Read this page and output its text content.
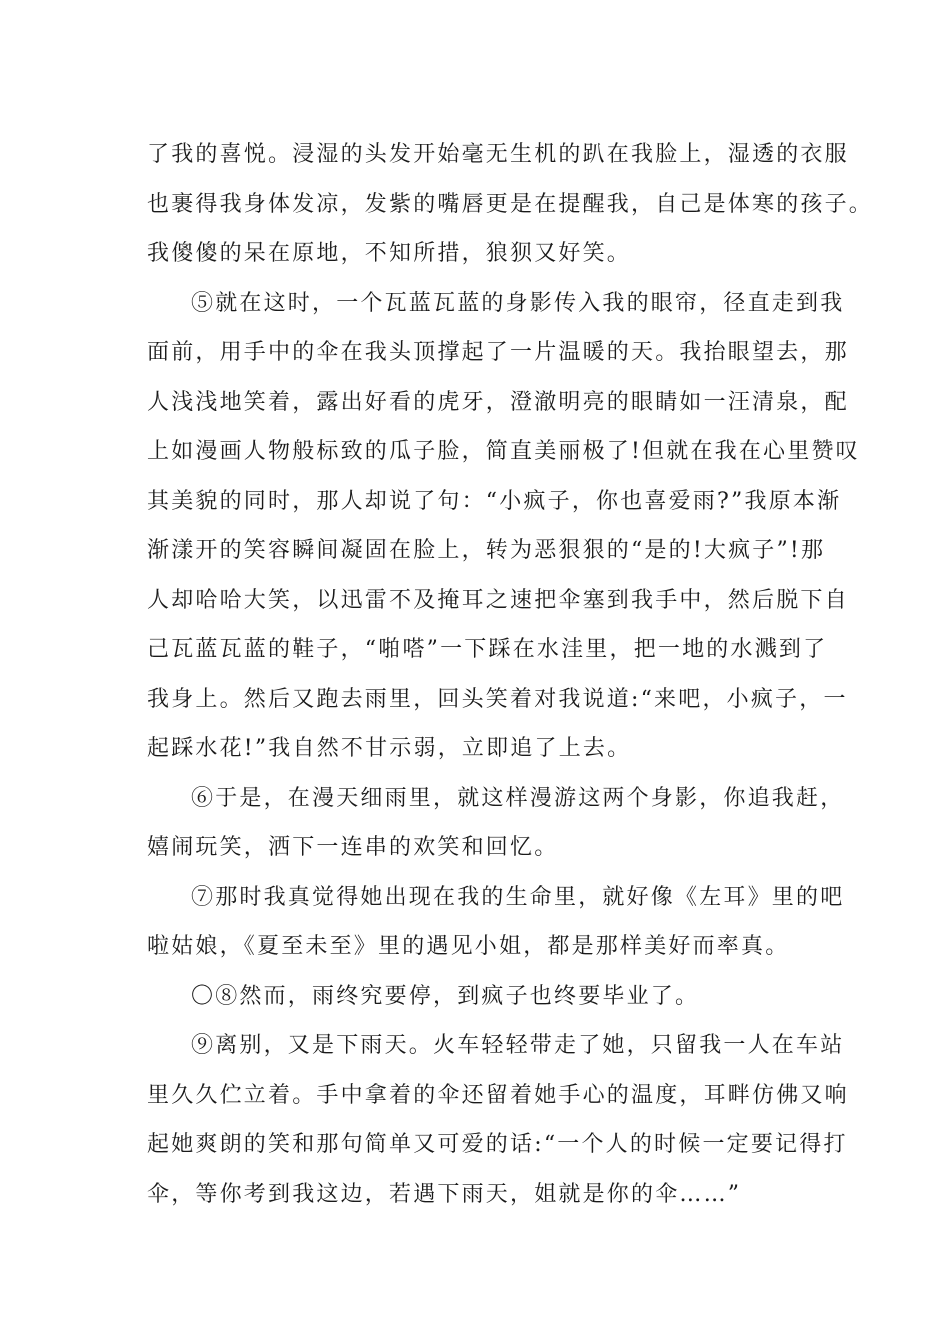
了我的喜悦。浸湿的头发开始毫无生机的趴在我脸上，湿透的衣服
也裹得我身体发凉，发紫的嘴唇更是在提醒我，自己是体寒的孩子。
我傻傻的呆在原地，不知所措，狼狈又好笑。
⑤就在这时，一个瓦蓝瓦蓝的身影传入我的眼帘，径直走到我
面前，用手中的伞在我头顶撑起了一片温暖的天。我抬眼望去，那
人浅浅地笑着，露出好看的虎牙，澄澈明亮的眼睛如一汪清泉，配
上如漫画人物般标致的瓜子脸，简直美丽极了!但就在我在心里赞叹
其美貌的同时，那人却说了句：“小疯子，你也喜爱雨?”我原本渐
渐漾开的笑容瞬间凝固在脸上，转为恶狠狠的“是的!大疯子”!那
人却哈哈大笑，以迅雷不及掩耳之速把伞塞到我手中，然后脱下自
己瓦蓝瓦蓝的鞋子，“啪嗒”一下踩在水洼里，把一地的水溅到了
我身上。然后又跑去雨里，回头笑着对我说道:“来吧，小疯子，一
起踩水花!”我自然不甘示弱，立即追了上去。
⑥于是，在漫天细雨里，就这样漫游这两个身影，你追我赶，
嬉闹玩笑，洒下一连串的欢笑和回忆。
⑦那时我真觉得她出现在我的生命里，就好像《左耳》里的吧
啦姑娘，《夏至未至》里的遇见小姐，都是那样美好而率真。
〇⑧然而，雨终究要停，到疯子也终要毕业了。
⑨离别，又是下雨天。火车轻轻带走了她，只留我一人在车站
里久久伫立着。手中拿着的伞还留着她手心的温度，耳畔仿佛又响
起她爽朗的笑和那句简单又可爱的话:“一个人的时候一定要记得打
伞，等你考到我这边，若遇下雨天，姐就是你的伞……”
